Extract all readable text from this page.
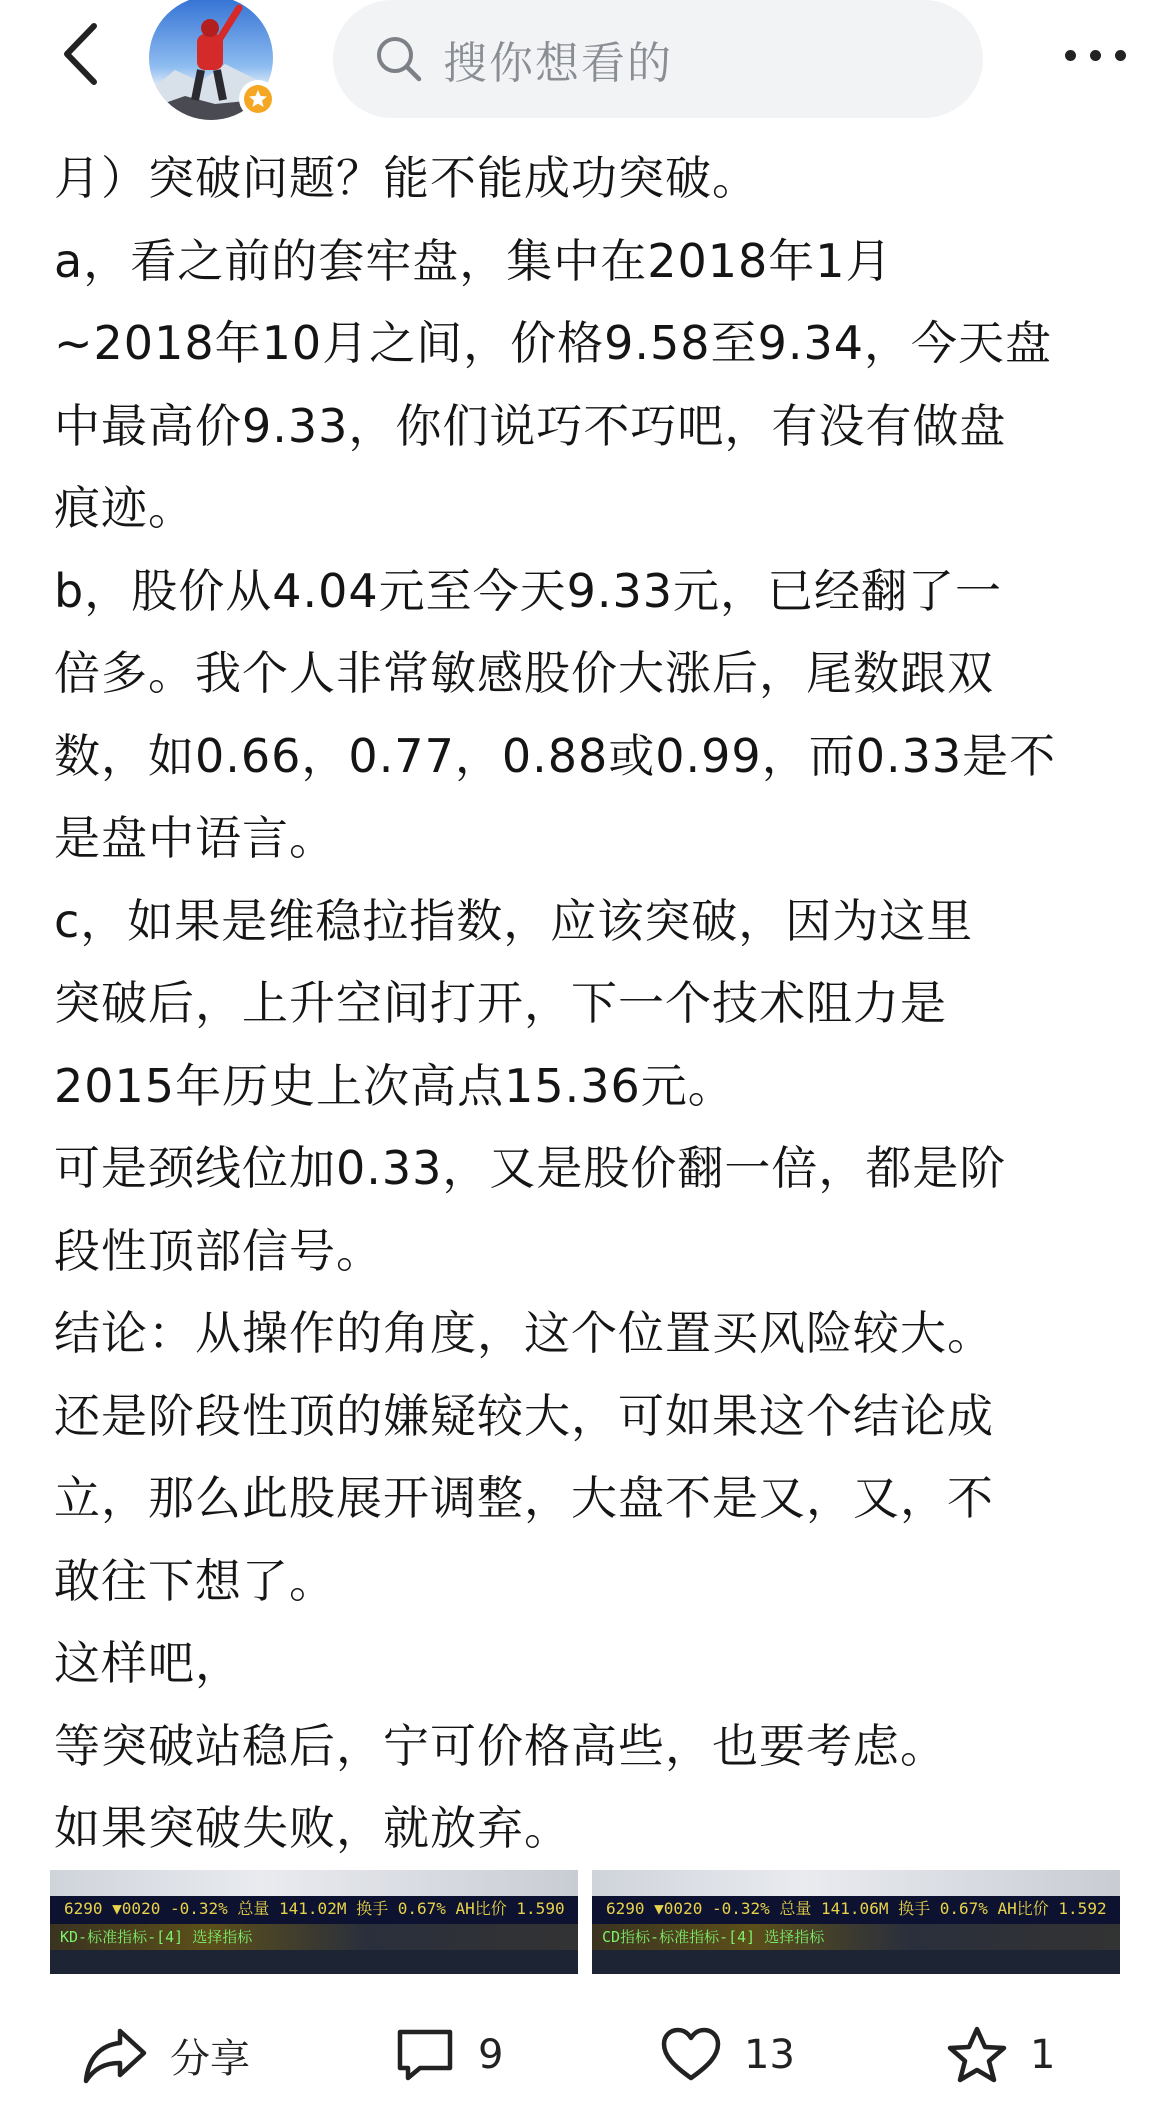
搜你想看的

月）突破问题？能不能成功突破。

a，看之前的套牢盘，集中在2018年1月

~2018年10月之间，价格9.58至9.34，今天盘

中最高价9.33，你们说巧不巧吧，有没有做盘

痕迹。

b，股价从4.04元至今天9.33元，已经翻了一

倍多。我个人非常敏感股价大涨后，尾数跟双

数，如0.66，0.77，0.88或0.99，而0.33是不

是盘中语言。

c，如果是维稳拉指数，应该突破，因为这里

突破后，上升空间打开，下一个技术阻力是

2015年历史上次高点15.36元。

可是颈线位加0.33，又是股价翻一倍，都是阶

段性顶部信号。

结论：从操作的角度，这个位置买风险较大。

还是阶段性顶的嫌疑较大，可如果这个结论成

立，那么此股展开调整，大盘不是又，又，不

敢往下想了。

这样吧，

等突破站稳后，宁可价格高些，也要考虑。

如果突破失败，就放弃。

6290 ▼0020 -0.32% 总量 141.02M 换手 0.67% AH比价 1.590
KD-标准指标-[4] 选择指标
6290 ▼0020 -0.32% 总量 141.06M 换手 0.67% AH比价 1.592
CD指标-标准指标-[4] 选择指标
分享	9	13	1
